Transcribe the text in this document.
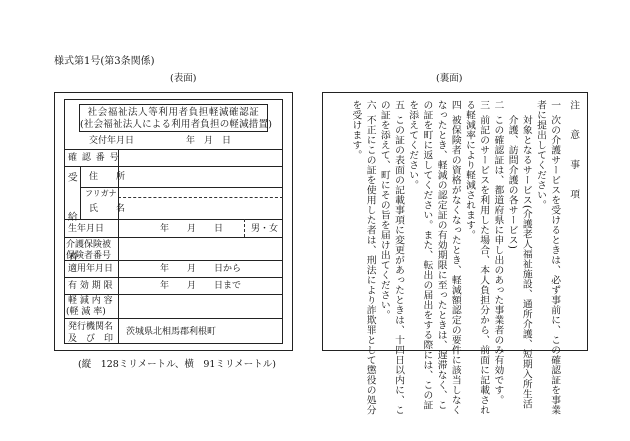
様式第1号(第3条関係)
(表面)	(裏面)
社会福祉法人等利用者負担軽減確認証
(社会福祉法人による利用者負担の軽減措置)
交付年月日	年　月　日
確 認 番 号
受　給　者 住　　所
フリガナ
氏　　名
生年月日	年　　月　　日	男・女
介護保険被保険者番号
適用年月日	年　　月　　日から
有 効 期 限	年　　月　　日まで
軽 減 内 容
(軽 減 率)
発行機関名
及　び　印
茨城県北相馬郡利根町
(縦　128ミリメートル、横　91ミリメートル)
注　意　事　項
次の介護サービスを受けるときは、必ず事前に、この確認証を事業
一
者に提出してください。
対象となるサービス(介護老人福祉施設、通所介護、短期入所生活
介護、訪問介護の各サービス)
この確認証は、都道府県に申し出のあった事業者のみ有効です。
二
前記のサービスを利用した場合、本人負担分から、前面に記載され
三
る軽減率により軽減されます。
被保険者の資格がなくなったとき、軽減額認定の要件に該当しなく
四
なったとき、軽減の認定証の有効期限に至ったときは、遅滞なく、こ
の証を町に返してください。また、転出の届出をする際には、この証
を添えてください。
この証の表面の記載事項に変更があったときは、十四日以内に、こ
五
の証を添えて、町にその旨を届け出てください。
不正にこの証を使用した者は、刑法により詐欺罪として懲役の処分
六
を受けます。
